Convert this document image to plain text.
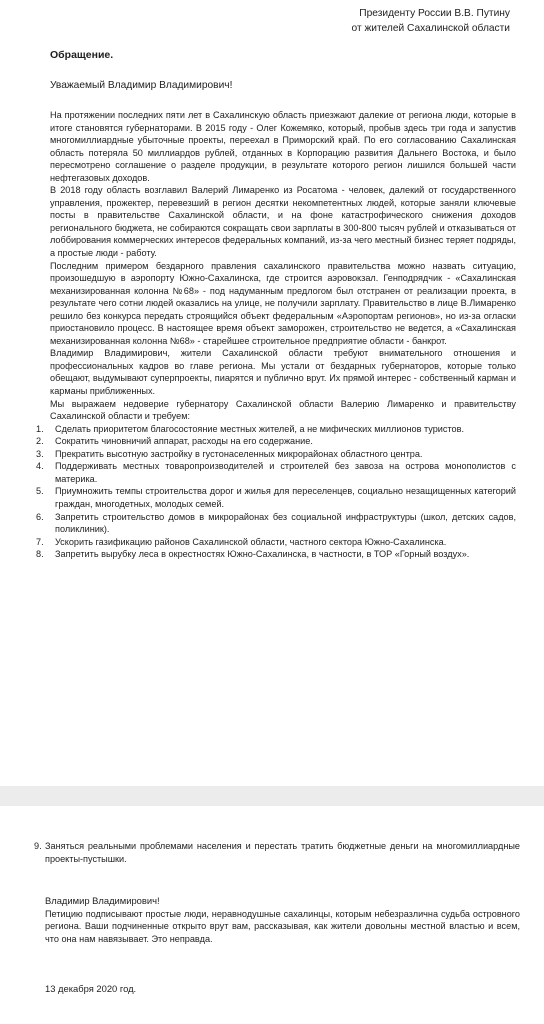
Президенту России В.В. Путину
от жителей Сахалинской области
Обращение.
Уважаемый Владимир Владимирович!

На протяжении последних пяти лет в Сахалинскую область приезжают далекие от региона люди, которые в итоге становятся губернаторами. В 2015 году - Олег Кожемяко, который, пробыв здесь три года и запустив многомиллиардные убыточные проекты, переехал в Приморский край. По его согласованию Сахалинская область потеряла 50 миллиардов рублей, отданных в Корпорацию развития Дальнего Востока, и было пересмотрено соглашение о разделе продукции, в результате которого регион лишился большей части нефтегазовых доходов.

В 2018 году область возглавил Валерий Лимаренко из Росатома - человек, далекий от государственного управления, прожектер, перевезший в регион десятки некомпетентных людей, которые заняли ключевые посты в правительстве Сахалинской области, и на фоне катастрофического снижения доходов регионального бюджета, не собираются сокращать свои зарплаты в 300-800 тысяч рублей и отказываться от лоббирования коммерческих интересов федеральных компаний, из-за чего местный бизнес теряет подряды, а простые люди - работу.

Последним примером бездарного правления сахалинского правительства можно назвать ситуацию, произошедшую в аэропорту Южно-Сахалинска, где строится аэровокзал. Генподрядчик - «Сахалинская механизированная колонна №68» - под надуманным предлогом был отстранен от реализации проекта, в результате чего сотни людей оказались на улице, не получили зарплату. Правительство в лице В.Лимаренко решило без конкурса передать строящийся объект федеральным «Аэропортам регионов», но из-за огласки приостановило процесс. В настоящее время объект заморожен, строительство не ведется, а «Сахалинская механизированная колонна №68» - старейшее строительное предприятие области - банкрот.

Владимир Владимирович, жители Сахалинской области требуют внимательного отношения и профессиональных кадров во главе региона. Мы устали от бездарных губернаторов, которые только обещают, выдумывают суперпроекты, пиарятся и публично врут. Их прямой интерес - собственный карман и карманы приближенных.

Мы выражаем недоверие губернатору Сахалинской области Валерию Лимаренко и правительству Сахалинской области и требуем:

1. Сделать приоритетом благосостояние местных жителей, а не мифических миллионов туристов.
2. Сократить чиновничий аппарат, расходы на его содержание.
3. Прекратить высотную застройку в густонаселенных микрорайонах областного центра.
4. Поддерживать местных товаропроизводителей и строителей без завоза на острова монополистов с материка.
5. Приумножить темпы строительства дорог и жилья для переселенцев, социально незащищенных категорий граждан, многодетных, молодых семей.
6. Запретить строительство домов в микрорайонах без социальной инфраструктуры (школ, детских садов, поликлиник).
7. Ускорить газификацию районов Сахалинской области, частного сектора Южно-Сахалинска.
8. Запретить вырубку леса в окрестностях Южно-Сахалинска, в частности, в ТОР «Горный воздух».

9. Заняться реальными проблемами населения и перестать тратить бюджетные деньги на многомиллиардные проекты-пустышки.

Владимир Владимирович!

Петицию подписывают простые люди, неравнодушные сахалинцы, которым небезразлична судьба островного региона. Ваши подчиненные открыто врут вам, рассказывая, как жители довольны местной властью и всем, что она нам навязывает. Это неправда.

13 декабря 2020 год.
